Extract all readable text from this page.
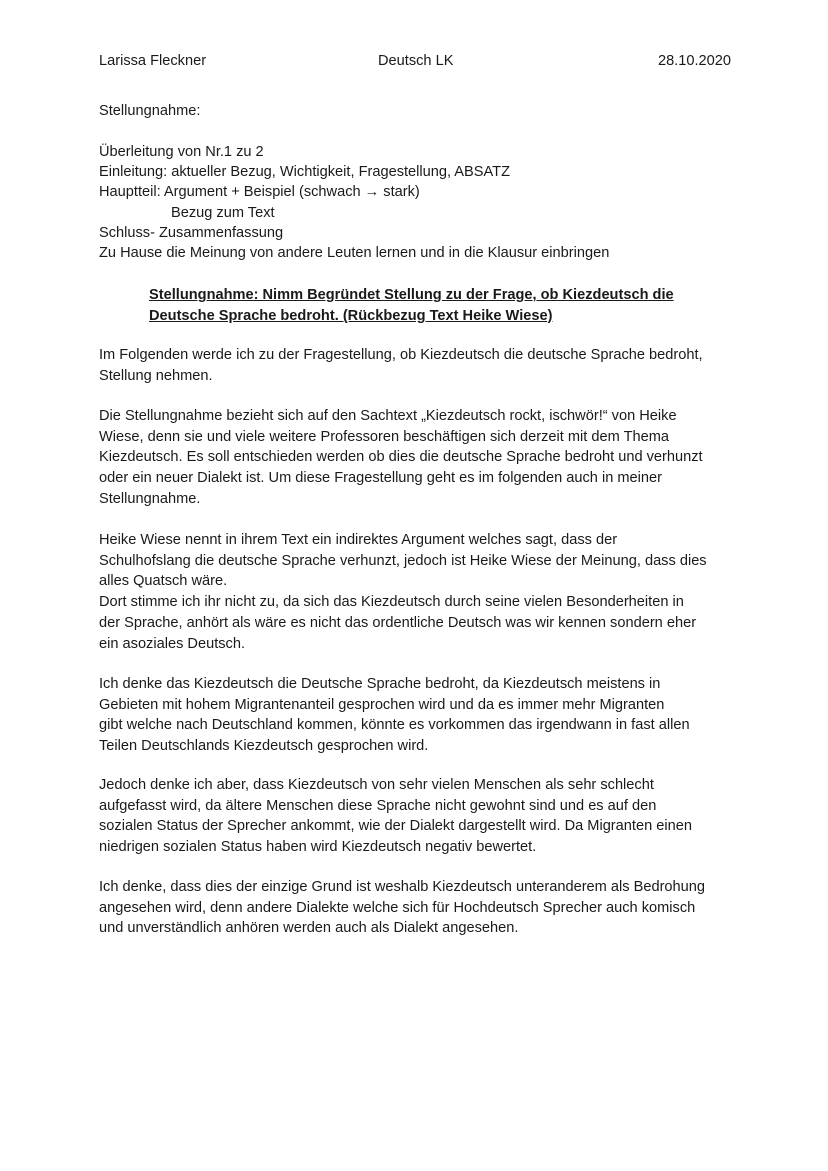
Larissa Fleckner	Deutsch LK	28.10.2020
Stellungnahme:
Überleitung von Nr.1 zu 2
Einleitung: aktueller Bezug, Wichtigkeit, Fragestellung, ABSATZ
Hauptteil: Argument + Beispiel (schwach → stark)
Bezug zum Text
Schluss- Zusammenfassung
Zu Hause die Meinung von andere Leuten lernen und in die Klausur einbringen
Stellungnahme: Nimm Begründet Stellung zu der Frage, ob Kiezdeutsch die
Deutsche Sprache bedroht. (Rückbezug Text Heike Wiese)
Im Folgenden werde ich zu der Fragestellung, ob Kiezdeutsch die deutsche Sprache bedroht,
Stellung nehmen.
Die Stellungnahme bezieht sich auf den Sachtext „Kiezdeutsch rockt, ischwör!“ von Heike
Wiese, denn sie und viele weitere Professoren beschäftigen sich derzeit mit dem Thema
Kiezdeutsch. Es soll entschieden werden ob dies die deutsche Sprache bedroht und verhunzt
oder ein neuer Dialekt ist. Um diese Fragestellung geht es im folgenden auch in meiner
Stellungnahme.
Heike Wiese nennt in ihrem Text ein indirektes Argument welches sagt, dass der
Schulhofslang die deutsche Sprache verhunzt, jedoch ist Heike Wiese der Meinung, dass dies
alles Quatsch wäre.
Dort stimme ich ihr nicht zu, da sich das Kiezdeutsch durch seine vielen Besonderheiten in
der Sprache, anhört als wäre es nicht das ordentliche Deutsch was wir kennen sondern eher
ein asoziales Deutsch.
Ich denke das Kiezdeutsch die Deutsche Sprache bedroht, da Kiezdeutsch meistens in
Gebieten mit hohem Migrantenanteil gesprochen wird und da es immer mehr Migranten
gibt welche nach Deutschland kommen, könnte es vorkommen das irgendwann in fast allen
Teilen Deutschlands Kiezdeutsch gesprochen wird.
Jedoch denke ich aber, dass Kiezdeutsch von sehr vielen Menschen als sehr schlecht
aufgefasst wird, da ältere Menschen diese Sprache nicht gewohnt sind und es auf den
sozialen Status der Sprecher ankommt, wie der Dialekt dargestellt wird. Da Migranten einen
niedrigen sozialen Status haben wird Kiezdeutsch negativ bewertet.
Ich denke, dass dies der einzige Grund ist weshalb Kiezdeutsch unteranderem als Bedrohung
angesehen wird, denn andere Dialekte welche sich für Hochdeutsch Sprecher auch komisch
und unverständlich anhören werden auch als Dialekt angesehen.
